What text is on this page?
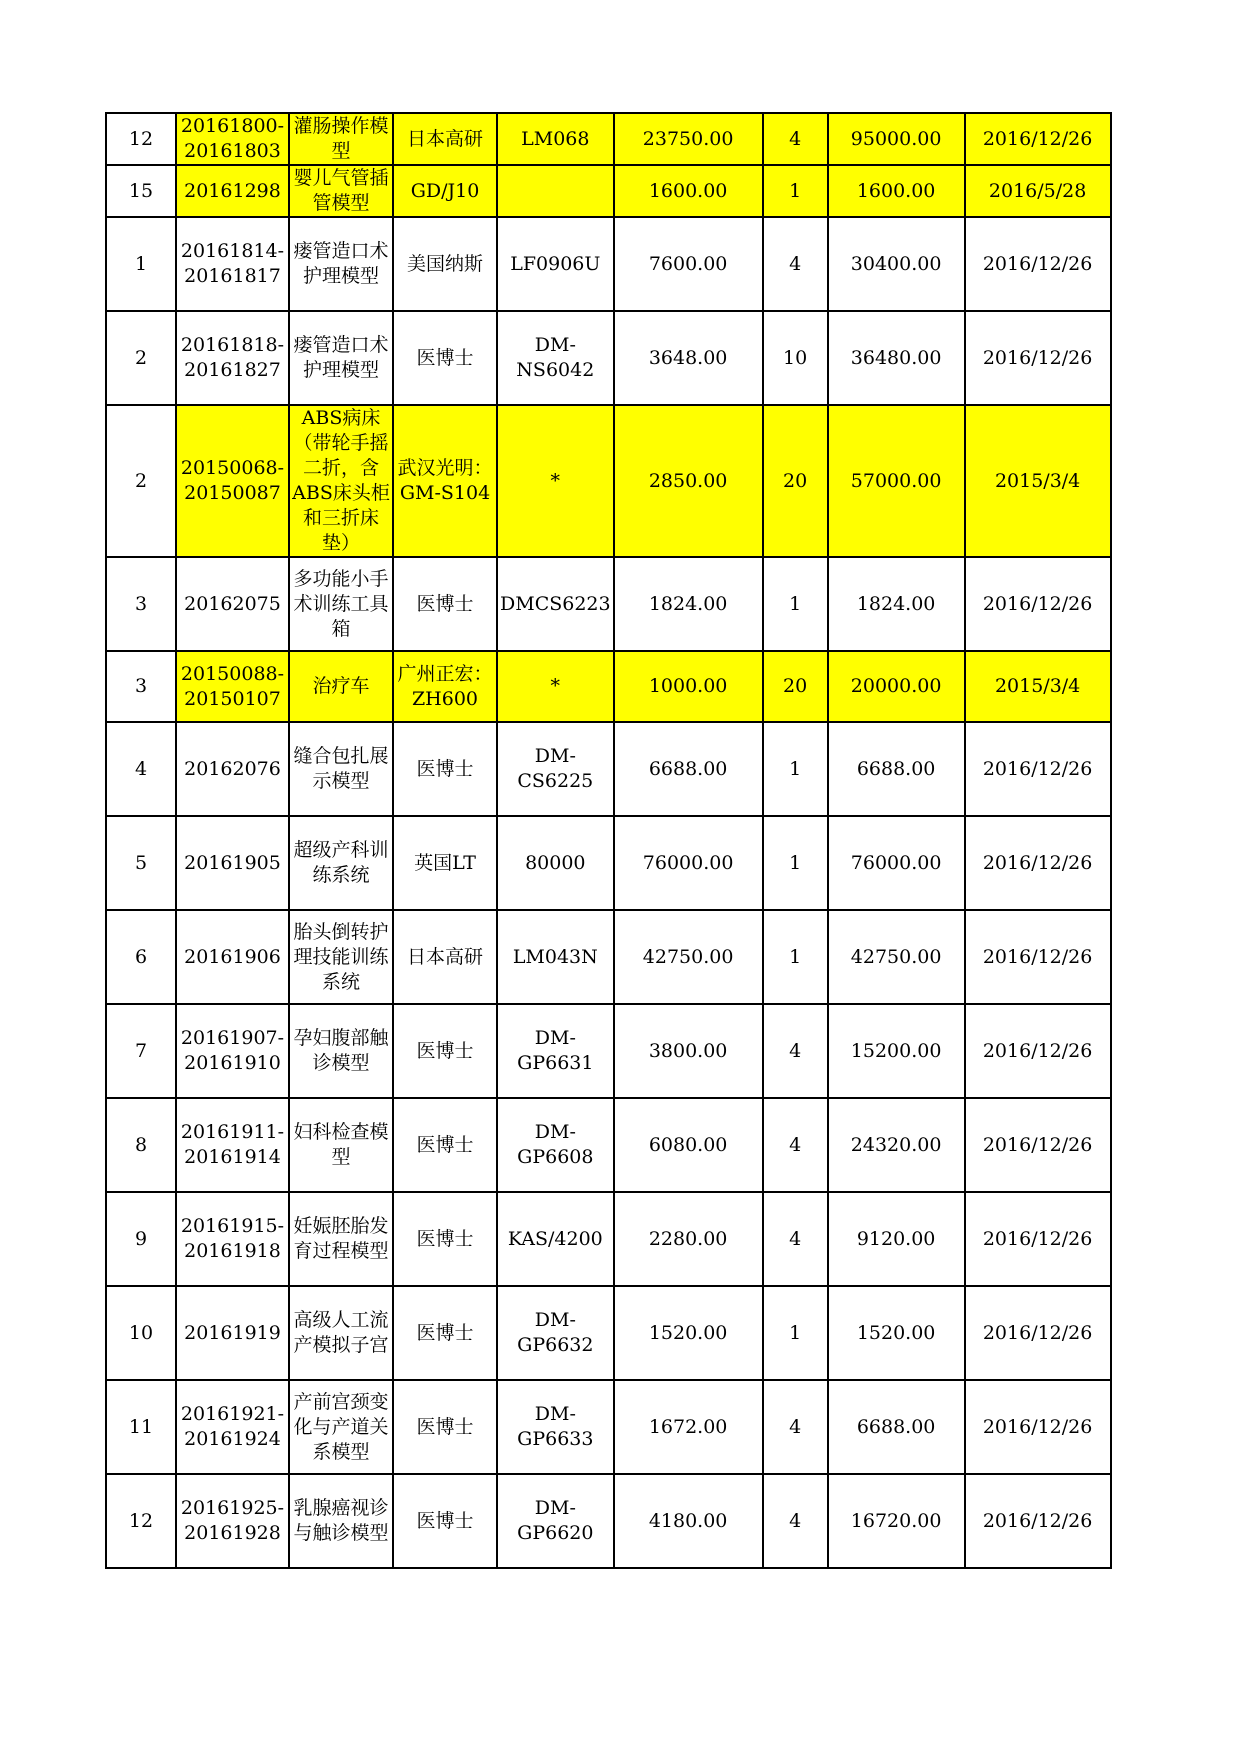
12	20161800-20161803	灌肠操作模型	日本高研	LM068	23750.00	4	95000.00	2016/12/26
15	20161298	婴儿气管插管模型	GD/J10		1600.00	1	1600.00	2016/5/28
1	20161814-20161817	瘘管造口术护理模型	美国纳斯	LF0906U	7600.00	4	30400.00	2016/12/26
2	20161818-20161827	瘘管造口术护理模型	医博士	DM-NS6042	3648.00	10	36480.00	2016/12/26
2	20150068-20150087	ABS病床（带轮手摇二折，含ABS床头柜和三折床垫）	武汉光明：GM-S104	*	2850.00	20	57000.00	2015/3/4
3	20162075	多功能小手术训练工具箱	医博士	DMCS6223	1824.00	1	1824.00	2016/12/26
3	20150088-20150107	治疗车	广州正宏：ZH600	*	1000.00	20	20000.00	2015/3/4
4	20162076	缝合包扎展示模型	医博士	DM-CS6225	6688.00	1	6688.00	2016/12/26
5	20161905	超级产科训练系统	英国LT	80000	76000.00	1	76000.00	2016/12/26
6	20161906	胎头倒转护理技能训练系统	日本高研	LM043N	42750.00	1	42750.00	2016/12/26
7	20161907-20161910	孕妇腹部触诊模型	医博士	DM-GP6631	3800.00	4	15200.00	2016/12/26
8	20161911-20161914	妇科检查模型	医博士	DM-GP6608	6080.00	4	24320.00	2016/12/26
9	20161915-20161918	妊娠胚胎发育过程模型	医博士	KAS/4200	2280.00	4	9120.00	2016/12/26
10	20161919	高级人工流产模拟子宫	医博士	DM-GP6632	1520.00	1	1520.00	2016/12/26
11	20161921-20161924	产前宫颈变化与产道关系模型	医博士	DM-GP6633	1672.00	4	6688.00	2016/12/26
12	20161925-20161928	乳腺癌视诊与触诊模型	医博士	DM-GP6620	4180.00	4	16720.00	2016/12/26
